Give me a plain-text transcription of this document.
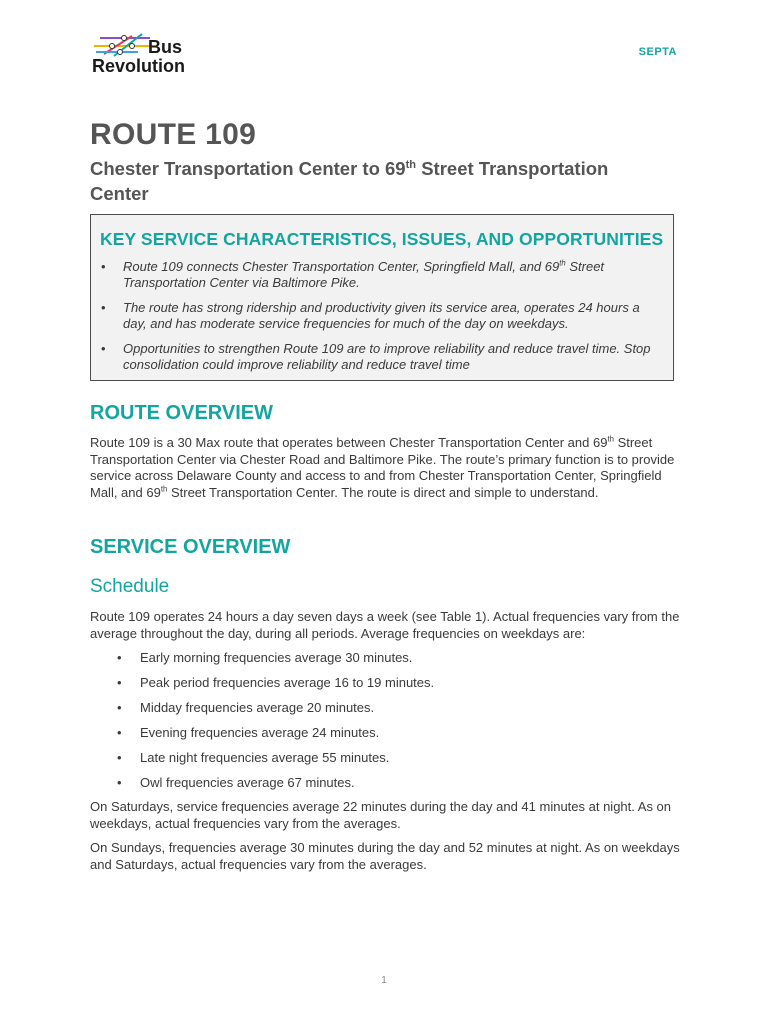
Bus
Revolution
SEPTA
ROUTE 109
Chester Transportation Center to 69th Street Transportation Center
KEY SERVICE CHARACTERISTICS, ISSUES, AND OPPORTUNITIES
• Route 109 connects Chester Transportation Center, Springfield Mall, and 69th Street Transportation Center via Baltimore Pike.
• The route has strong ridership and productivity given its service area, operates 24 hours a day, and has moderate service frequencies for much of the day on weekdays.
• Opportunities to strengthen Route 109 are to improve reliability and reduce travel time. Stop consolidation could improve reliability and reduce travel time
ROUTE OVERVIEW

Route 109 is a 30 Max route that operates between Chester Transportation Center and 69th Street Transportation Center via Chester Road and Baltimore Pike. The route’s primary function is to provide service across Delaware County and access to and from Chester Transportation Center, Springfield Mall, and 69th Street Transportation Center. The route is direct and simple to understand.

SERVICE OVERVIEW
Schedule

Route 109 operates 24 hours a day seven days a week (see Table 1). Actual frequencies vary from the average throughout the day, during all periods. Average frequencies on weekdays are:

• Early morning frequencies average 30 minutes.
• Peak period frequencies average 16 to 19 minutes.
• Midday frequencies average 20 minutes.
• Evening frequencies average 24 minutes.
• Late night frequencies average 55 minutes.
• Owl frequencies average 67 minutes.

On Saturdays, service frequencies average 22 minutes during the day and 41 minutes at night. As on weekdays, actual frequencies vary from the averages.

On Sundays, frequencies average 30 minutes during the day and 52 minutes at night. As on weekdays and Saturdays, actual frequencies vary from the averages.

1
